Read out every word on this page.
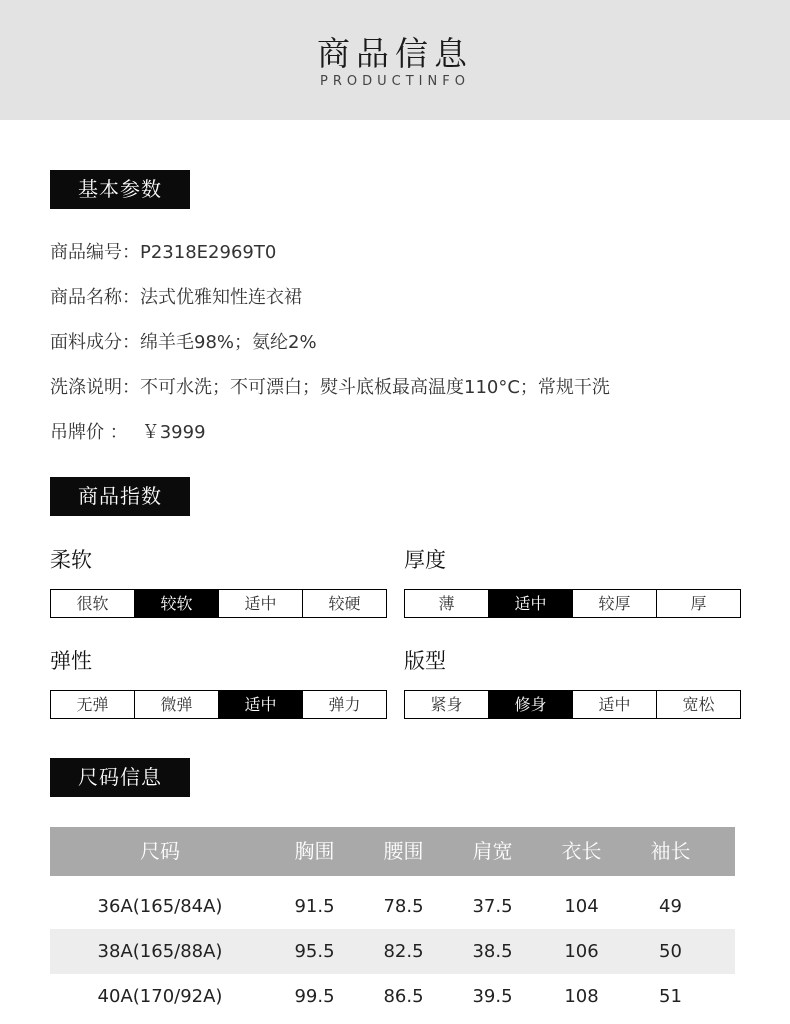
商品信息
PRODUCTINFO
基本参数
商品编号：P2318E2969T0
商品名称：法式优雅知性连衣裙
面料成分：绵羊毛98%；氨纶2%
洗涤说明：不可水洗；不可漂白；熨斗底板最高温度110°C；常规干洗
吊牌价 ： ￥3999
商品指数
柔软
很软	较软	适中	较硬
厚度
薄	适中	较厚	厚
弹性
无弹	微弹	适中	弹力
版型
紧身	修身	适中	宽松
尺码信息
尺码	胸围	腰围	肩宽	衣长	袖长
36A(165/84A)	91.5	78.5	37.5	104	49
38A(165/88A)	95.5	82.5	38.5	106	50
40A(170/92A)	99.5	86.5	39.5	108	51
